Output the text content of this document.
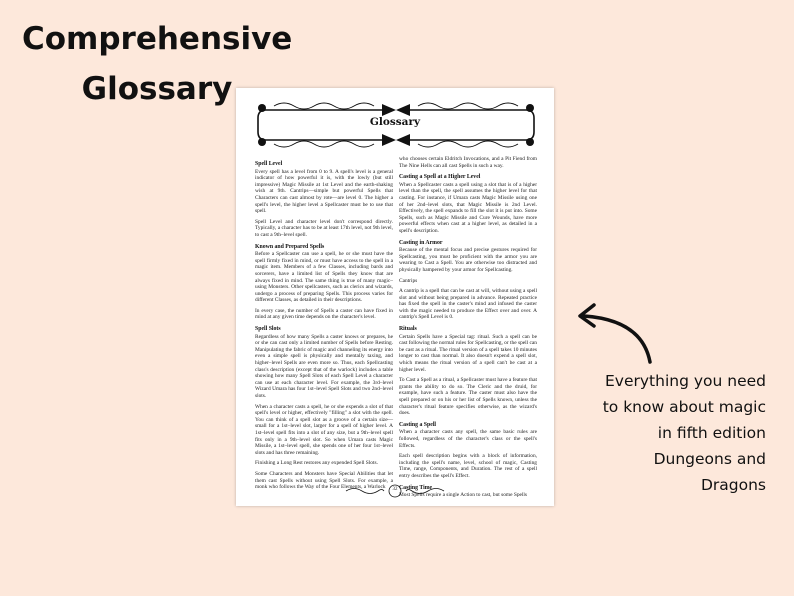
Comprehensive
Glossary
Glossary
Spell Level

Every spell has a level from 0 to 9. A spell's level is a general indicator of how powerful it is, with the lowly (but still impressive) Magic Missile at 1st Level and the earth-shaking wish at 9th. Cantrips—simple but powerful Spells that Characters can cast almost by rote—are level 0. The higher a spell's level, the higher level a Spellcaster must be to use that spell.

Spell Level and character level don't correspond directly. Typically, a character has to be at least 17th level, not 9th level, to cast a 9th–level spell.

Known and Prepared Spells

Before a Spellcaster can use a spell, he or she must have the spell firmly fixed in mind, or must have access to the spell in a magic item. Members of a few Classes, including bards and sorcerers, have a limited list of Spells they know that are always fixed in mind. The same thing is true of many magic–using Monsters. Other spellcasters, such as clerics and wizards, undergo a process of preparing Spells. This process varies for different Classes, as detailed in their descriptions.

In every case, the number of Spells a caster can have fixed in mind at any given time depends on the character's level.

Spell Slots

Regardless of how many Spells a caster knows or prepares, he or she can cast only a limited number of Spells before Resting. Manipulating the fabric of magic and channeling its energy into even a simple spell is physically and mentally taxing, and higher–level Spells are even more so. Thus, each Spellcasting class's description (except that of the warlock) includes a table showing how many Spell Slots of each Spell Level a character can use at each character level. For example, the 3rd–level Wizard Umara has four 1st–level Spell Slots and two 2nd–level slots.

When a character casts a spell, he or she expends a slot of that spell's level or higher, effectively "filling" a slot with the spell. You can think of a spell slot as a groove of a certain size—small for a 1st–level slot, larger for a spell of higher level. A 1st–level spell fits into a slot of any size, but a 9th–level spell fits only in a 9th–level slot. So when Umara casts Magic Missile, a 1st–level spell, she spends one of her four 1st–level slots and has three remaining.

Finishing a Long Rest restores any expended Spell Slots.

Some Characters and Monsters have Special Abilities that let them cast Spells without using Spell Slots. For example, a monk who follows the Way of the Four Elements, a Warlock

who chooses certain Eldritch Invocations, and a Pit Fiend from The Nine Hells can all cast Spells in such a way.

Casting a Spell at a Higher Level

When a Spellcaster casts a spell using a slot that is of a higher level than the spell, the spell assumes the higher level for that casting. For instance, if Umara casts Magic Missile using one of her 2nd–level slots, that Magic Missile is 2nd Level. Effectively, the spell expands to fill the slot it is put into. Some Spells, such as Magic Missile and Cure Wounds, have more powerful effects when cast at a higher level, as detailed in a spell's description.

Casting in Armor

Because of the mental focus and precise gestures required for Spellcasting, you must be proficient with the armor you are wearing to Cast a Spell. You are otherwise too distracted and physically hampered by your armor for Spellcasting.

Cantrips

A cantrip is a spell that can be cast at will, without using a spell slot and without being prepared in advance. Repeated practice has fixed the spell in the caster's mind and infused the caster with the magic needed to produce the Effect over and over. A cantrip's Spell Level is 0.

Rituals

Certain Spells have a Special tag: ritual. Such a spell can be cast following the normal rules for Spellcasting, or the spell can be cast as a ritual. The ritual version of a spell takes 10 minutes longer to cast than normal. It also doesn't expend a spell slot, which means the ritual version of a spell can't be cast at a higher level.

To Cast a Spell as a ritual, a Spellcaster must have a feature that grants the ability to do so. The Cleric and the druid, for example, have such a feature. The caster must also have the spell prepared or on his or her list of Spells known, unless the character's ritual feature specifies otherwise, as the wizard's does.

Casting a Spell

When a character casts any spell, the same basic rules are followed, regardless of the character's class or the spell's Effects.

Each spell description begins with a block of information, including the spell's name, level, school of magic, Casting Time, range, Components, and Duration. The rest of a spell entry describes the spell's Effect.

Casting Time

Most Spells require a single Action to cast, but some Spells

32
Everything you need
to know about magic
in fifth edition
Dungeons and
Dragons
